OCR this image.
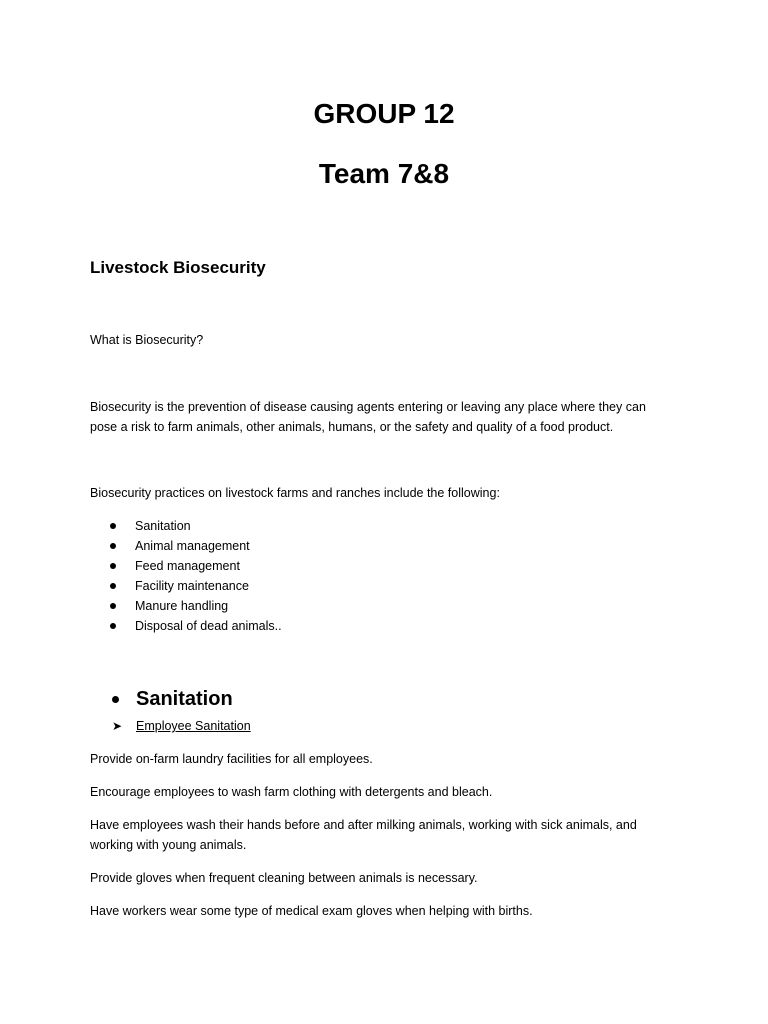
GROUP 12
Team 7&8
Livestock Biosecurity
What is Biosecurity?
Biosecurity is the prevention of disease causing agents entering or leaving any place where they can pose a risk to farm animals, other animals, humans, or the safety and quality of a food product.
Biosecurity practices on livestock farms and ranches include the following:
Sanitation
Animal management
Feed management
Facility maintenance
Manure handling
Disposal of dead animals..
Sanitation
➤ Employee Sanitation
Provide on-farm laundry facilities for all employees.
Encourage employees to wash farm clothing with detergents and bleach.
Have employees wash their hands before and after milking animals, working with sick animals, and working with young animals.
Provide gloves when frequent cleaning between animals is necessary.
Have workers wear some type of medical exam gloves when helping with births.
